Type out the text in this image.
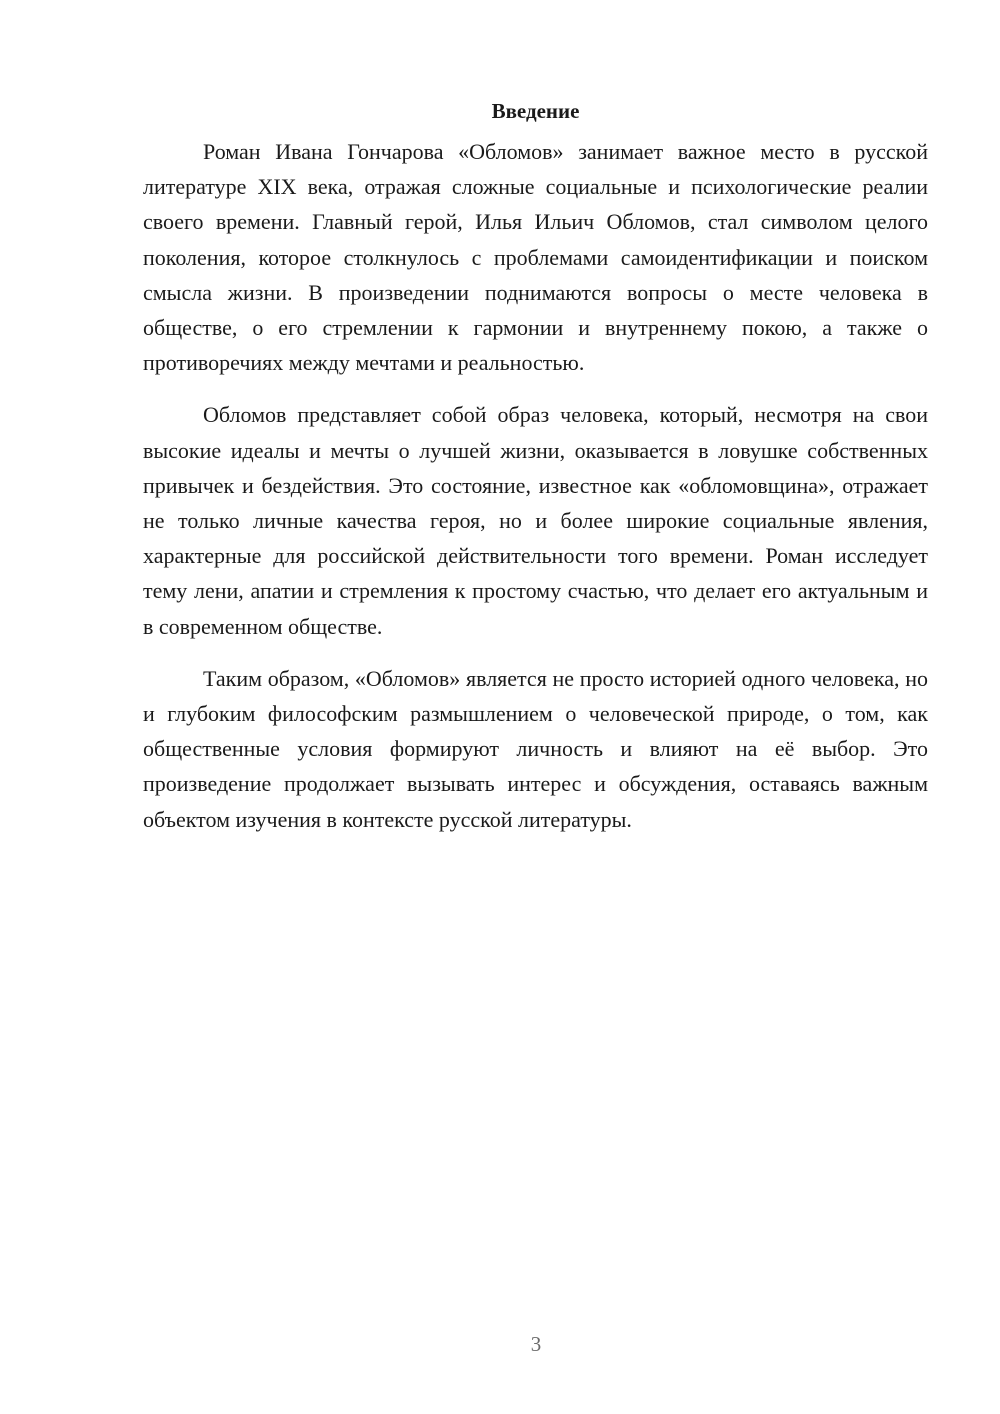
Введение

Роман Ивана Гончарова «Обломов» занимает важное место в русской литературе XIX века, отражая сложные социальные и психологические реалии своего времени. Главный герой, Илья Ильич Обломов, стал символом целого поколения, которое столкнулось с проблемами самоидентификации и поиском смысла жизни. В произведении поднимаются вопросы о месте человека в обществе, о его стремлении к гармонии и внутреннему покою, а также о противоречиях между мечтами и реальностью.

Обломов представляет собой образ человека, который, несмотря на свои высокие идеалы и мечты о лучшей жизни, оказывается в ловушке собственных привычек и бездействия. Это состояние, известное как «обломовщина», отражает не только личные качества героя, но и более широкие социальные явления, характерные для российской действительности того времени. Роман исследует тему лени, апатии и стремления к простому счастью, что делает его актуальным и в современном обществе.

Таким образом, «Обломов» является не просто историей одного человека, но и глубоким философским размышлением о человеческой природе, о том, как общественные условия формируют личность и влияют на её выбор. Это произведение продолжает вызывать интерес и обсуждения, оставаясь важным объектом изучения в контексте русской литературы.

3
